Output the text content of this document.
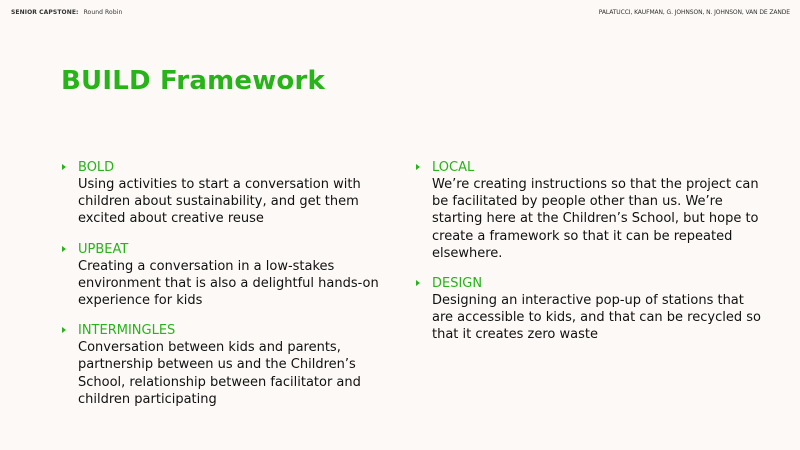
SENIOR CAPSTONE: Round Robin	PALATUCCI, KAUFMAN, G. JOHNSON, N. JOHNSON, VAN DE ZANDE
BUILD Framework
BOLD
Using activities to start a conversation with children about sustainability, and get them excited about creative reuse
UPBEAT
Creating a conversation in a low-stakes environment that is also a delightful hands-on experience for kids
INTERMINGLES
Conversation between kids and parents, partnership between us and the Children’s School, relationship between facilitator and children participating
LOCAL
We’re creating instructions so that the project can be facilitated by people other than us. We’re starting here at the Children’s School, but hope to create a framework so that it can be repeated elsewhere.
DESIGN
Designing an interactive pop-up of stations that are accessible to kids, and that can be recycled so that it creates zero waste
